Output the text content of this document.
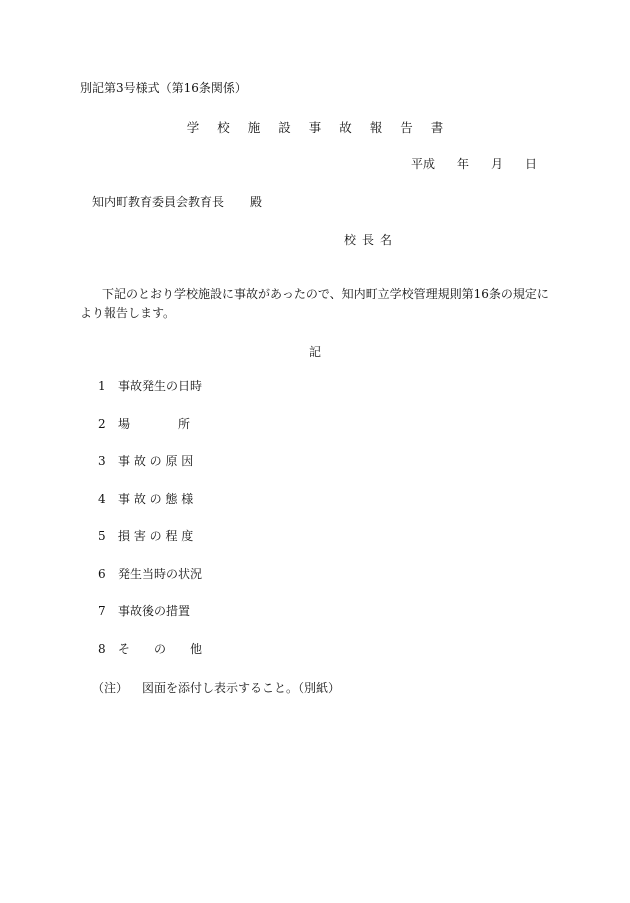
別記第3号様式（第16条関係）
学校施設事故報告書
平成 年 月 日
知内町教育委員会教育長 殿
校長名
下記のとおり学校施設に事故があったので、知内町立学校管理規則第16条の規定により報告します。
記
1 事故発生の日時
2 場　　　　所
3 事 故 の 原 因
4 事 故 の 態 様
5 損 害 の 程 度
6 発生当時の状況
7 事故後の措置
8 そ　　の　　他
（注） 図面を添付し表示すること。（別紙）
